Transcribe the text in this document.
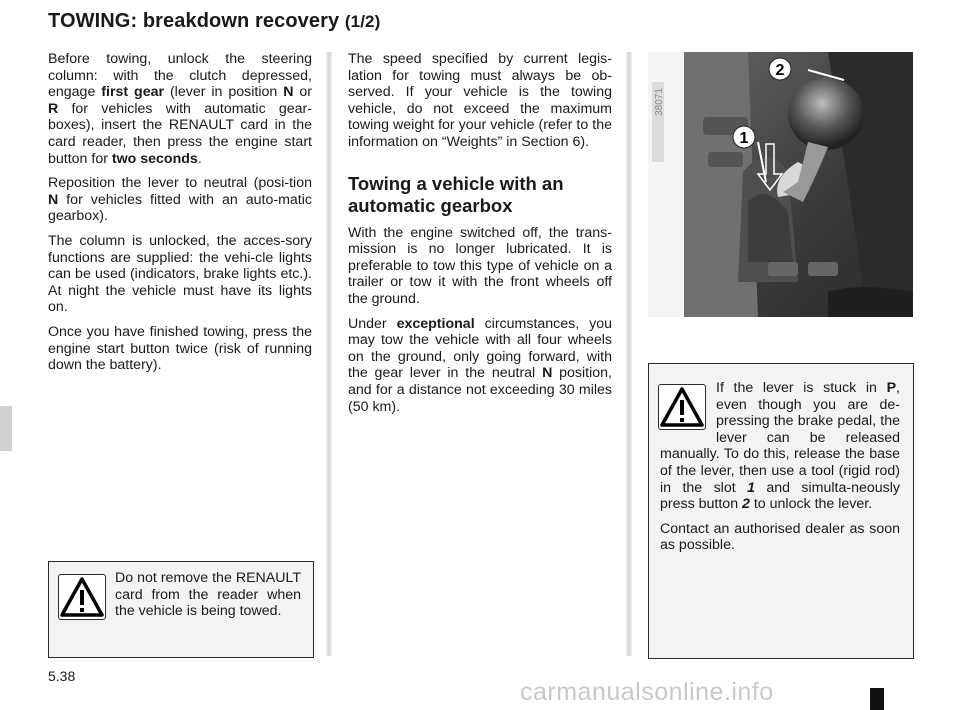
TOWING: breakdown recovery (1/2)

Before towing, unlock the steering column: with the clutch depressed, engage first gear (lever in position N or R for vehicles with automatic gear-boxes), insert the RENAULT card in the card reader, then press the engine start button for two seconds.

Reposition the lever to neutral (posi-tion N for vehicles fitted with an auto-matic gearbox).

The column is unlocked, the acces-sory functions are supplied: the vehi-cle lights can be used (indicators, brake lights etc.). At night the vehicle must have its lights on.

Once you have finished towing, press the engine start button twice (risk of running down the battery).

The speed specified by current legis-lation for towing must always be ob-served. If your vehicle is the towing vehicle, do not exceed the maximum towing weight for your vehicle (refer to the information on “Weights” in Section 6).

Towing a vehicle with an automatic gearbox

With the engine switched off, the trans-mission is no longer lubricated. It is preferable to tow this type of vehicle on a trailer or tow it with the front wheels off the ground.

Under exceptional circumstances, you may tow the vehicle with all four wheels on the ground, only going forward, with the gear lever in the neutral N position, and for a distance not exceeding 30 miles (50 km).

2
1
38071
Do not remove the RENAULT card from the reader when the vehicle is being towed.

If the lever is stuck in P, even though you are de-pressing the brake pedal, the lever can be released manually. To do this, release the base of the lever, then use a tool (rigid rod) in the slot 1 and simulta-neously press button 2 to unlock the lever.

Contact an authorised dealer as soon as possible.

5.38
carmanualsonline.info
